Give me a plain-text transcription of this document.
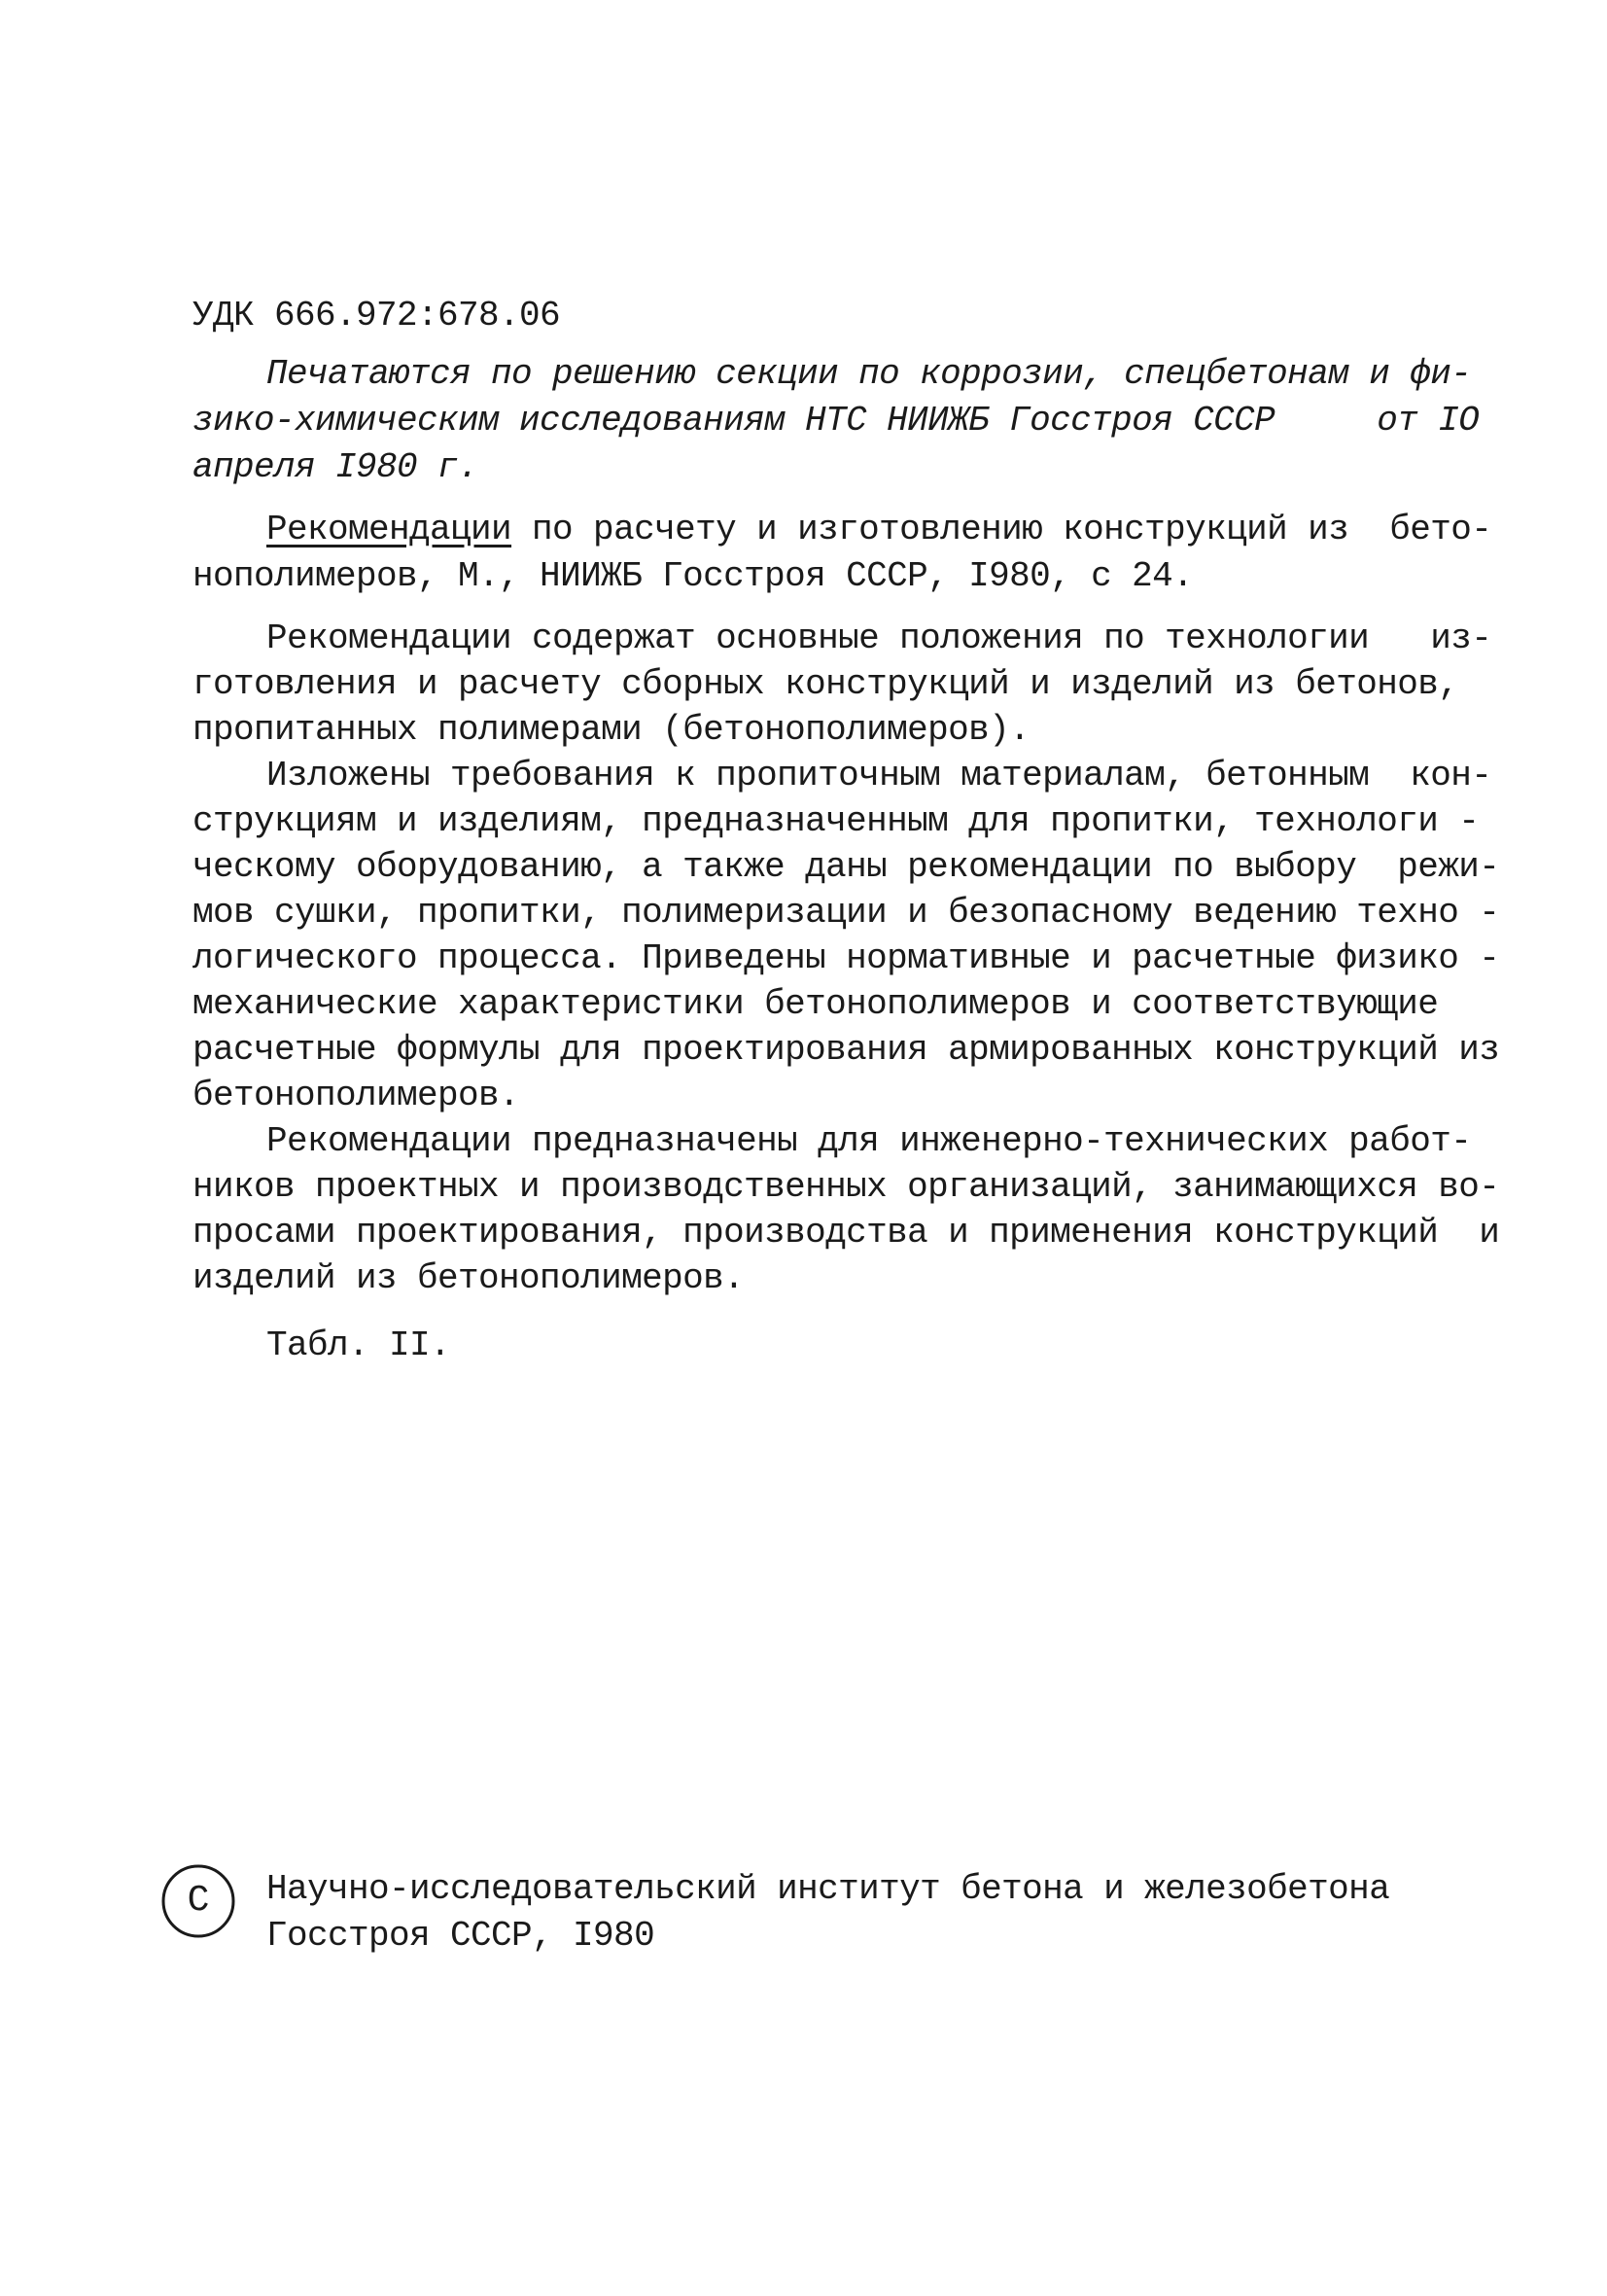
УДК 666.972:678.06
Печатаются по решению секции по коррозии, спецбетонам и фи-
зико-химическим исследованиям НТС НИИЖБ Госстроя СССР     от IO
апреля I980 г.
Рекомендации по расчету и изготовлению конструкций из  бето-
нополимеров, М., НИИЖБ Госстроя СССР, I980, с 24.
Рекомендации содержат основные положения по технологии   из-
готовления и расчету сборных конструкций и изделий из бетонов,
пропитанных полимерами (бетонополимеров).
Изложены требования к пропиточным материалам, бетонным  кон-
струкциям и изделиям, предназначенным для пропитки, технологи -
ческому оборудованию, а также даны рекомендации по выбору  режи-
мов сушки, пропитки, полимеризации и безопасному ведению техно -
логического процесса. Приведены нормативные и расчетные физико -
механические характеристики бетонополимеров и соответствующие
расчетные формулы для проектирования армированных конструкций из
бетонополимеров.
Рекомендации предназначены для инженерно-технических работ-
ников проектных и производственных организаций, занимающихся во-
просами проектирования, производства и применения конструкций  и
изделий из бетонополимеров.
Табл. II.
C	Научно-исследовательский институт бетона и железобетона
Госстроя СССР, I980
